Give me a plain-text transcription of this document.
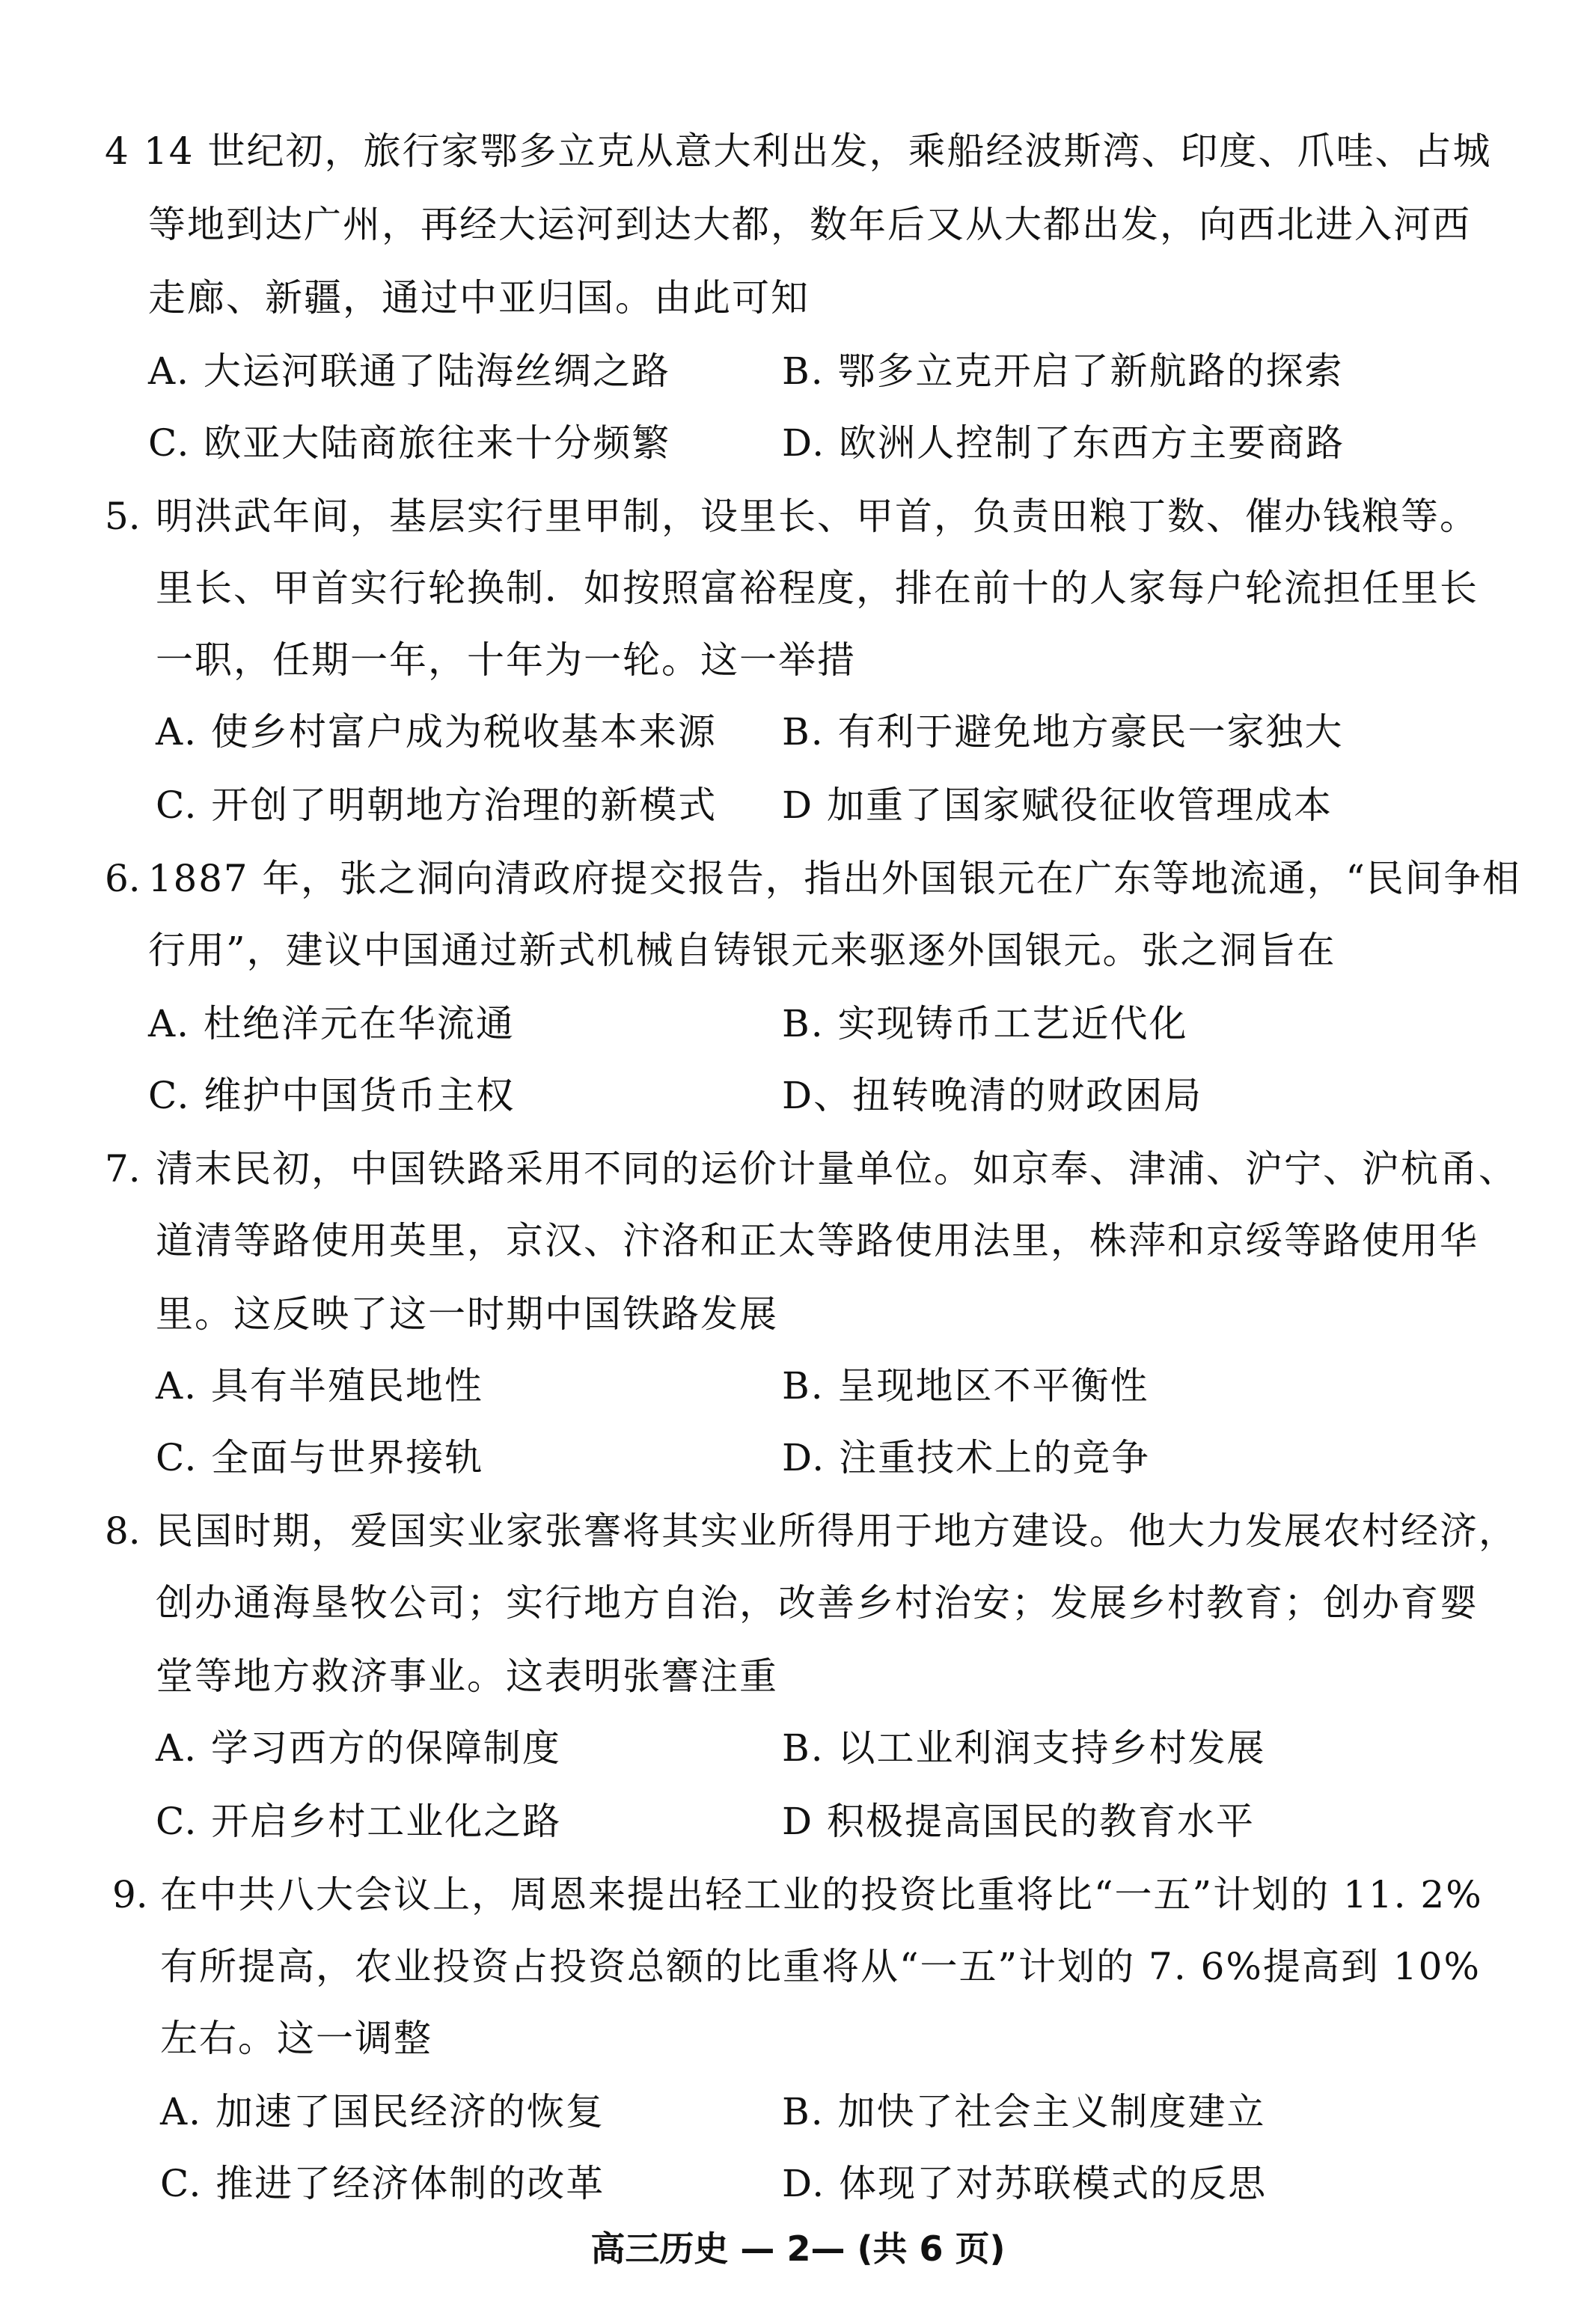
4 14 世纪初，旅行家鄂多立克从意大利出发，乘船经波斯湾、印度、爪哇、占城
等地到达广州，再经大运河到达大都，数年后又从大都出发，向西北进入河西
走廊、新疆，通过中亚归国。由此可知
A. 大运河联通了陆海丝绸之路	B. 鄂多立克开启了新航路的探索
C. 欧亚大陆商旅往来十分频繁	D. 欧洲人控制了东西方主要商路
5. 明洪武年间，基层实行里甲制，设里长、甲首，负责田粮丁数、催办钱粮等。
里长、甲首实行轮换制．如按照富裕程度，排在前十的人家每户轮流担任里长
一职，任期一年，十年为一轮。这一举措
A. 使乡村富户成为税收基本来源 B. 有利于避免地方豪民一家独大
C. 开创了明朝地方治理的新模式 D 加重了国家赋役征收管理成本
6. 1887 年，张之洞向清政府提交报告，指出外国银元在广东等地流通，“民间争相
行用”，建议中国通过新式机械自铸银元来驱逐外国银元。张之洞旨在
A. 杜绝洋元在华流通	B. 实现铸币工艺近代化
C. 维护中国货币主权	D、扭转晚清的财政困局
7. 清末民初，中国铁路采用不同的运价计量单位。如京奉、津浦、沪宁、沪杭甬、
道清等路使用英里，京汉、汴洛和正太等路使用法里，株萍和京绥等路使用华
里。这反映了这一时期中国铁路发展
A. 具有半殖民地性	B. 呈现地区不平衡性
C. 全面与世界接轨	D. 注重技术上的竞争
8. 民国时期，爱国实业家张謇将其实业所得用于地方建设。他大力发展农村经济，
创办通海垦牧公司；实行地方自治，改善乡村治安；发展乡村教育；创办育婴
堂等地方救济事业。这表明张謇注重
A. 学习西方的保障制度	B. 以工业利润支持乡村发展
C. 开启乡村工业化之路	D 积极提高国民的教育水平
9. 在中共八大会议上，周恩来提出轻工业的投资比重将比“一五”计划的 11. 2%
有所提高，农业投资占投资总额的比重将从“一五”计划的 7. 6%提高到 10%
左右。这一调整
A. 加速了国民经济的恢复	B. 加快了社会主义制度建立
C. 推进了经济体制的改革	D. 体现了对苏联模式的反思
高三历史 — 2— (共 6 页)
